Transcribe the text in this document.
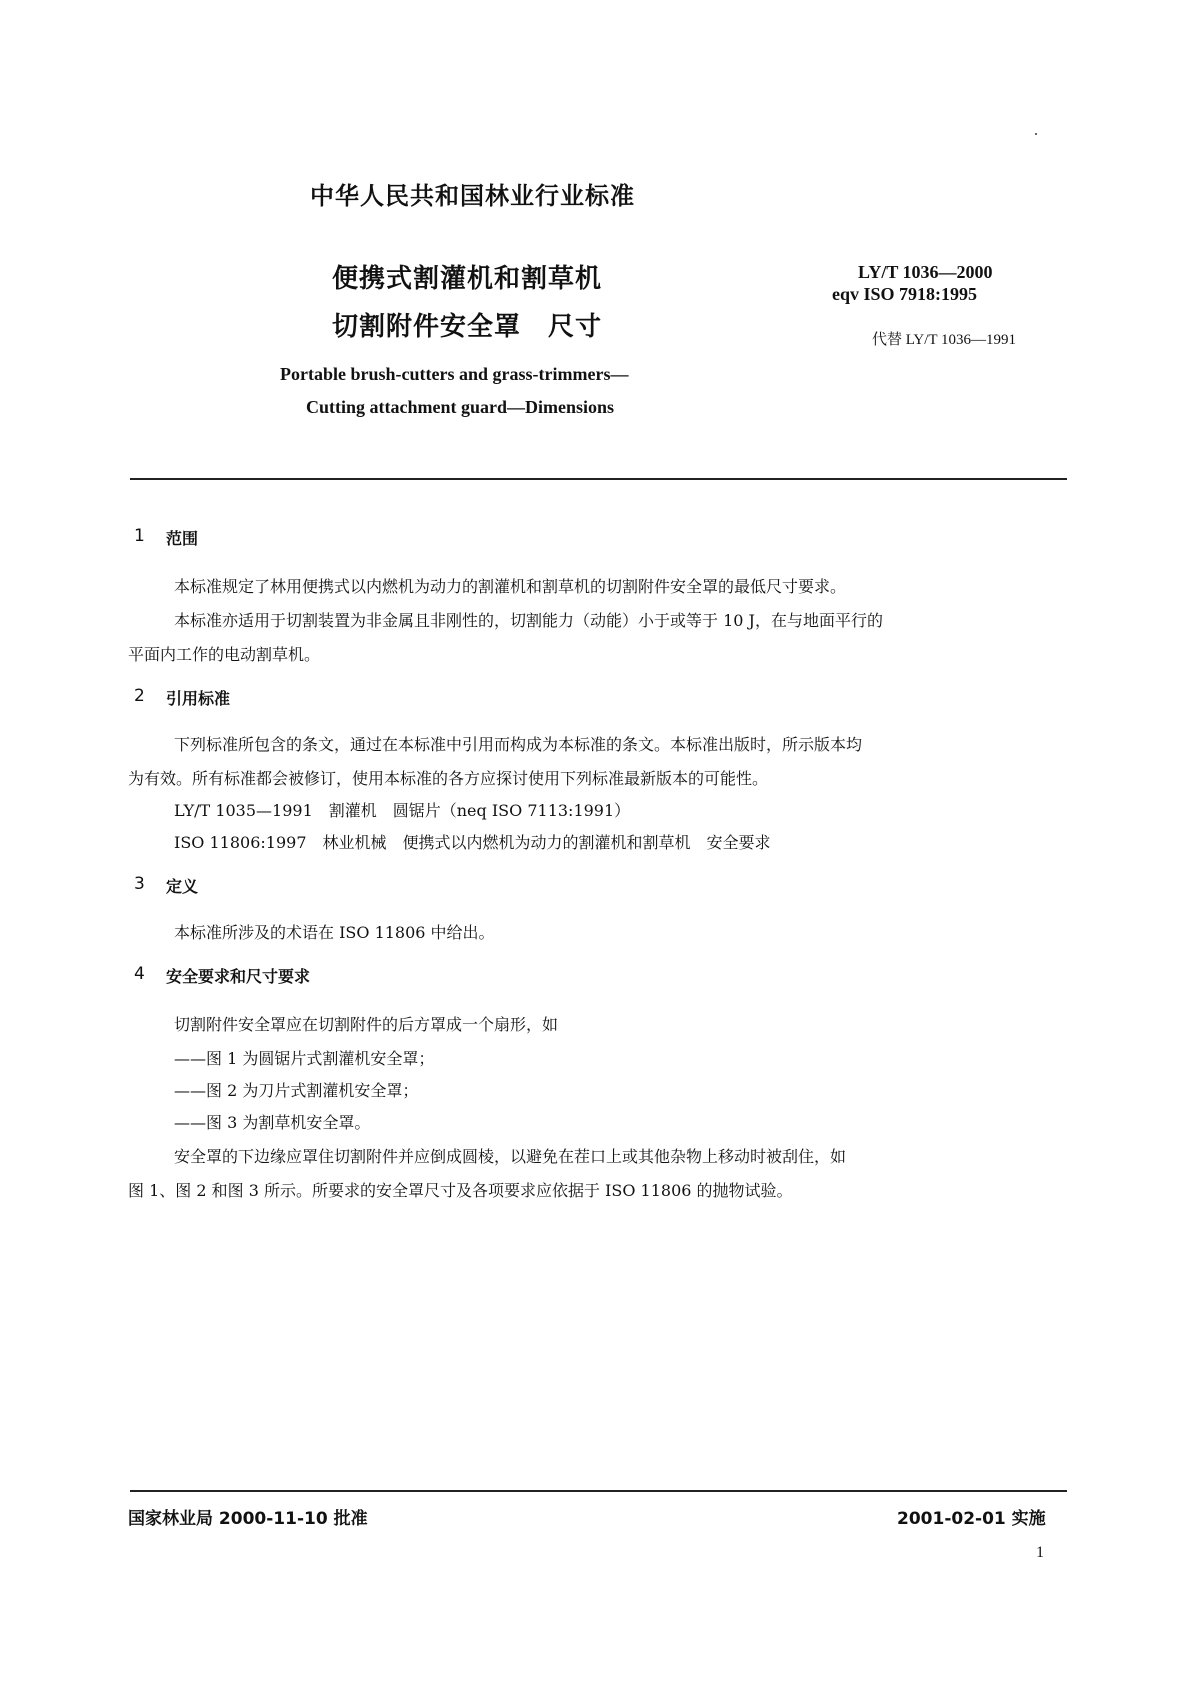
中华人民共和国林业行业标准
便携式割灌机和割草机
切割附件安全罩　尺寸
LY/T 1036—2000
eqv ISO 7918:1995
代替 LY/T 1036—1991
Portable brush-cutters and grass-trimmers—
Cutting attachment guard—Dimensions
1 范围
本标准规定了林用便携式以内燃机为动力的割灌机和割草机的切割附件安全罩的最低尺寸要求。
本标准亦适用于切割装置为非金属且非刚性的，切割能力（动能）小于或等于 10 J，在与地面平行的
平面内工作的电动割草机。
2 引用标准
下列标准所包含的条文，通过在本标准中引用而构成为本标准的条文。本标准出版时，所示版本均
为有效。所有标准都会被修订，使用本标准的各方应探讨使用下列标准最新版本的可能性。
LY/T 1035—1991　割灌机　圆锯片（neq ISO 7113:1991）
ISO 11806:1997　林业机械　便携式以内燃机为动力的割灌机和割草机　安全要求
3 定义
本标准所涉及的术语在 ISO 11806 中给出。
4 安全要求和尺寸要求
切割附件安全罩应在切割附件的后方罩成一个扇形，如
——图 1 为圆锯片式割灌机安全罩；
——图 2 为刀片式割灌机安全罩；
——图 3 为割草机安全罩。
安全罩的下边缘应罩住切割附件并应倒成圆棱，以避免在茬口上或其他杂物上移动时被刮住，如
图 1、图 2 和图 3 所示。所要求的安全罩尺寸及各项要求应依据于 ISO 11806 的抛物试验。
国家林业局 2000-11-10 批准	2001-02-01 实施
1
